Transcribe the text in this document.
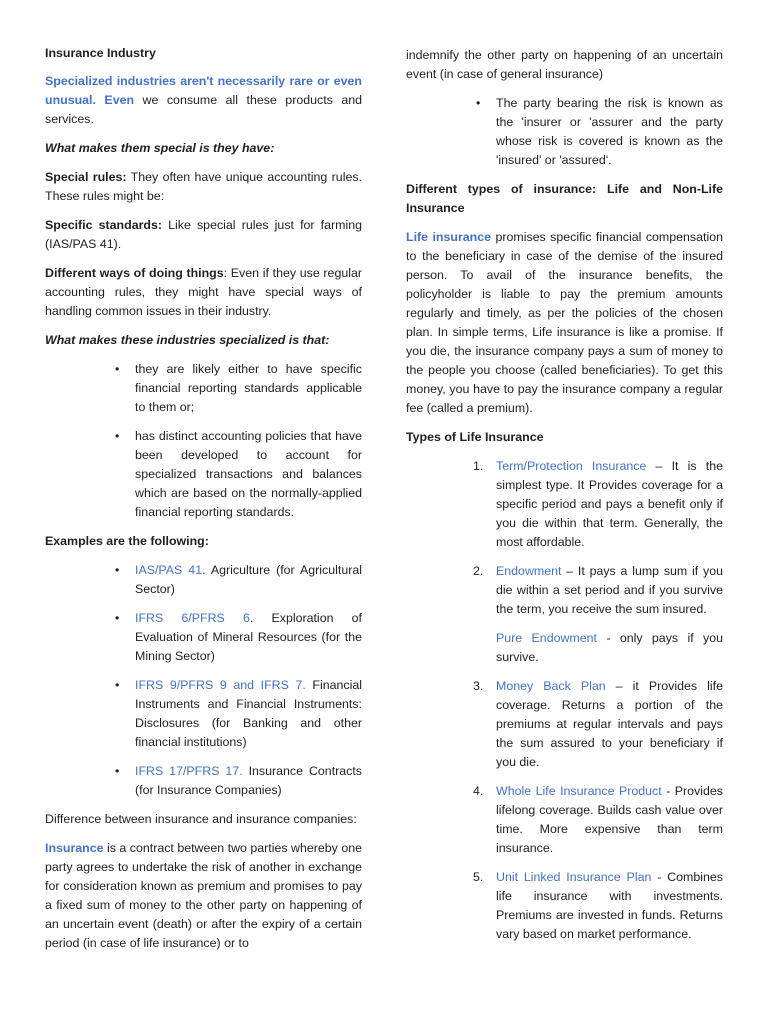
Insurance Industry

Specialized industries aren't necessarily rare or even unusual. Even we consume all these products and services.

What makes them special is they have:

Special rules: They often have unique accounting rules. These rules might be:

Specific standards: Like special rules just for farming (IAS/PAS 41).

Different ways of doing things: Even if they use regular accounting rules, they might have special ways of handling common issues in their industry.

What makes these industries specialized is that:

• they are likely either to have specific financial reporting standards applicable to them or;
• has distinct accounting policies that have been developed to account for specialized transactions and balances which are based on the normally-applied financial reporting standards.

Examples are the following:

• IAS/PAS 41. Agriculture (for Agricultural Sector)
• IFRS 6/PFRS 6. Exploration of Evaluation of Mineral Resources (for the Mining Sector)
• IFRS 9/PFRS 9 and IFRS 7. Financial Instruments and Financial Instruments: Disclosures (for Banking and other financial institutions)
• IFRS 17/PFRS 17. Insurance Contracts (for Insurance Companies)

Difference between insurance and insurance companies:

Insurance is a contract between two parties whereby one party agrees to undertake the risk of another in exchange for consideration known as premium and promises to pay a fixed sum of money to the other party on happening of an uncertain event (death) or after the expiry of a certain period (in case of life insurance) or to

indemnify the other party on happening of an uncertain event (in case of general insurance)

• The party bearing the risk is known as the 'insurer or 'assurer and the party whose risk is covered is known as the 'insured' or 'assured'.

Different types of insurance: Life and Non-Life Insurance

Life insurance promises specific financial compensation to the beneficiary in case of the demise of the insured person. To avail of the insurance benefits, the policyholder is liable to pay the premium amounts regularly and timely, as per the policies of the chosen plan. In simple terms, Life insurance is like a promise. If you die, the insurance company pays a sum of money to the people you choose (called beneficiaries). To get this money, you have to pay the insurance company a regular fee (called a premium).

Types of Life Insurance

1. Term/Protection Insurance – It is the simplest type. It Provides coverage for a specific period and pays a benefit only if you die within that term. Generally, the most affordable.
2. Endowment – It pays a lump sum if you die within a set period and if you survive the term, you receive the sum insured.

Pure Endowment - only pays if you survive.

3. Money Back Plan – it Provides life coverage. Returns a portion of the premiums at regular intervals and pays the sum assured to your beneficiary if you die.
4. Whole Life Insurance Product - Provides lifelong coverage. Builds cash value over time. More expensive than term insurance.
5. Unit Linked Insurance Plan - Combines life insurance with investments. Premiums are invested in funds. Returns vary based on market performance.
